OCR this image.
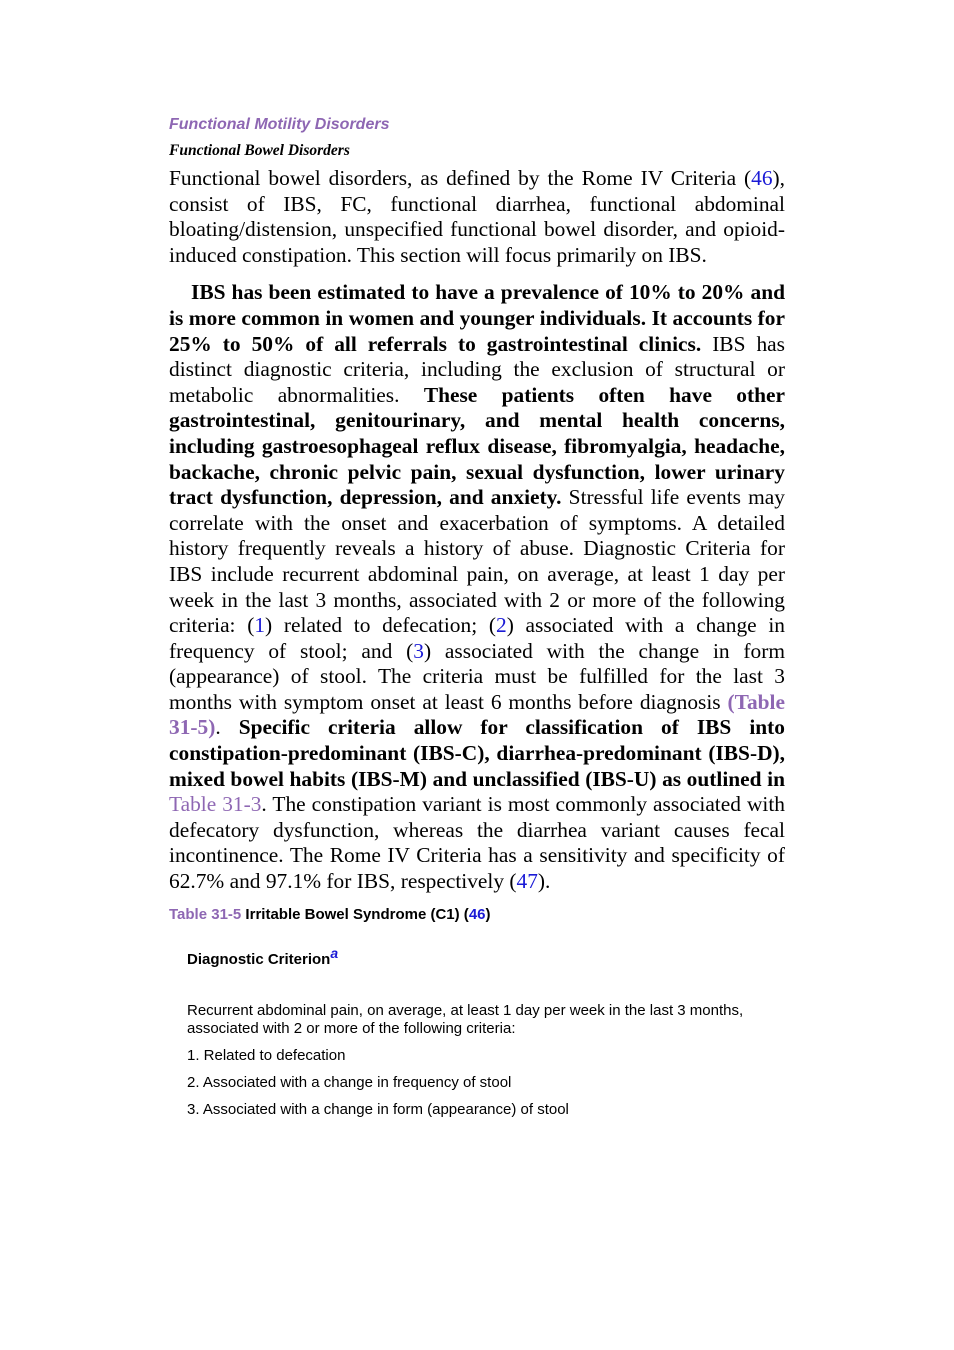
Functional Motility Disorders
Functional Bowel Disorders

Functional bowel disorders, as defined by the Rome IV Criteria (46), consist of IBS, FC, functional diarrhea, functional abdominal bloating/distension, unspecified functional bowel disorder, and opioid-induced constipation. This section will focus primarily on IBS.

IBS has been estimated to have a prevalence of 10% to 20% and is more common in women and younger individuals. It accounts for 25% to 50% of all referrals to gastrointestinal clinics. IBS has distinct diagnostic criteria, including the exclusion of structural or metabolic abnormalities. These patients often have other gastrointestinal, genitourinary, and mental health concerns, including gastroesophageal reflux disease, fibromyalgia, headache, backache, chronic pelvic pain, sexual dysfunction, lower urinary tract dysfunction, depression, and anxiety. Stressful life events may correlate with the onset and exacerbation of symptoms. A detailed history frequently reveals a history of abuse. Diagnostic Criteria for IBS include recurrent abdominal pain, on average, at least 1 day per week in the last 3 months, associated with 2 or more of the following criteria: (1) related to defecation; (2) associated with a change in frequency of stool; and (3) associated with the change in form (appearance) of stool. The criteria must be fulfilled for the last 3 months with symptom onset at least 6 months before diagnosis (Table 31-5). Specific criteria allow for classification of IBS into constipation-predominant (IBS-C), diarrhea-predominant (IBS-D), mixed bowel habits (IBS-M) and unclassified (IBS-U) as outlined in Table 31-3. The constipation variant is most commonly associated with defecatory dysfunction, whereas the diarrhea variant causes fecal incontinence. The Rome IV Criteria has a sensitivity and specificity of 62.7% and 97.1% for IBS, respectively (47).

Table 31-5 Irritable Bowel Syndrome (C1) (46)
Diagnostic Criterion$^a$
Recurrent abdominal pain, on average, at least 1 day per week in the last 3 months, associated with 2 or more of the following criteria:
1. Related to defecation
2. Associated with a change in frequency of stool
3. Associated with a change in form (appearance) of stool
